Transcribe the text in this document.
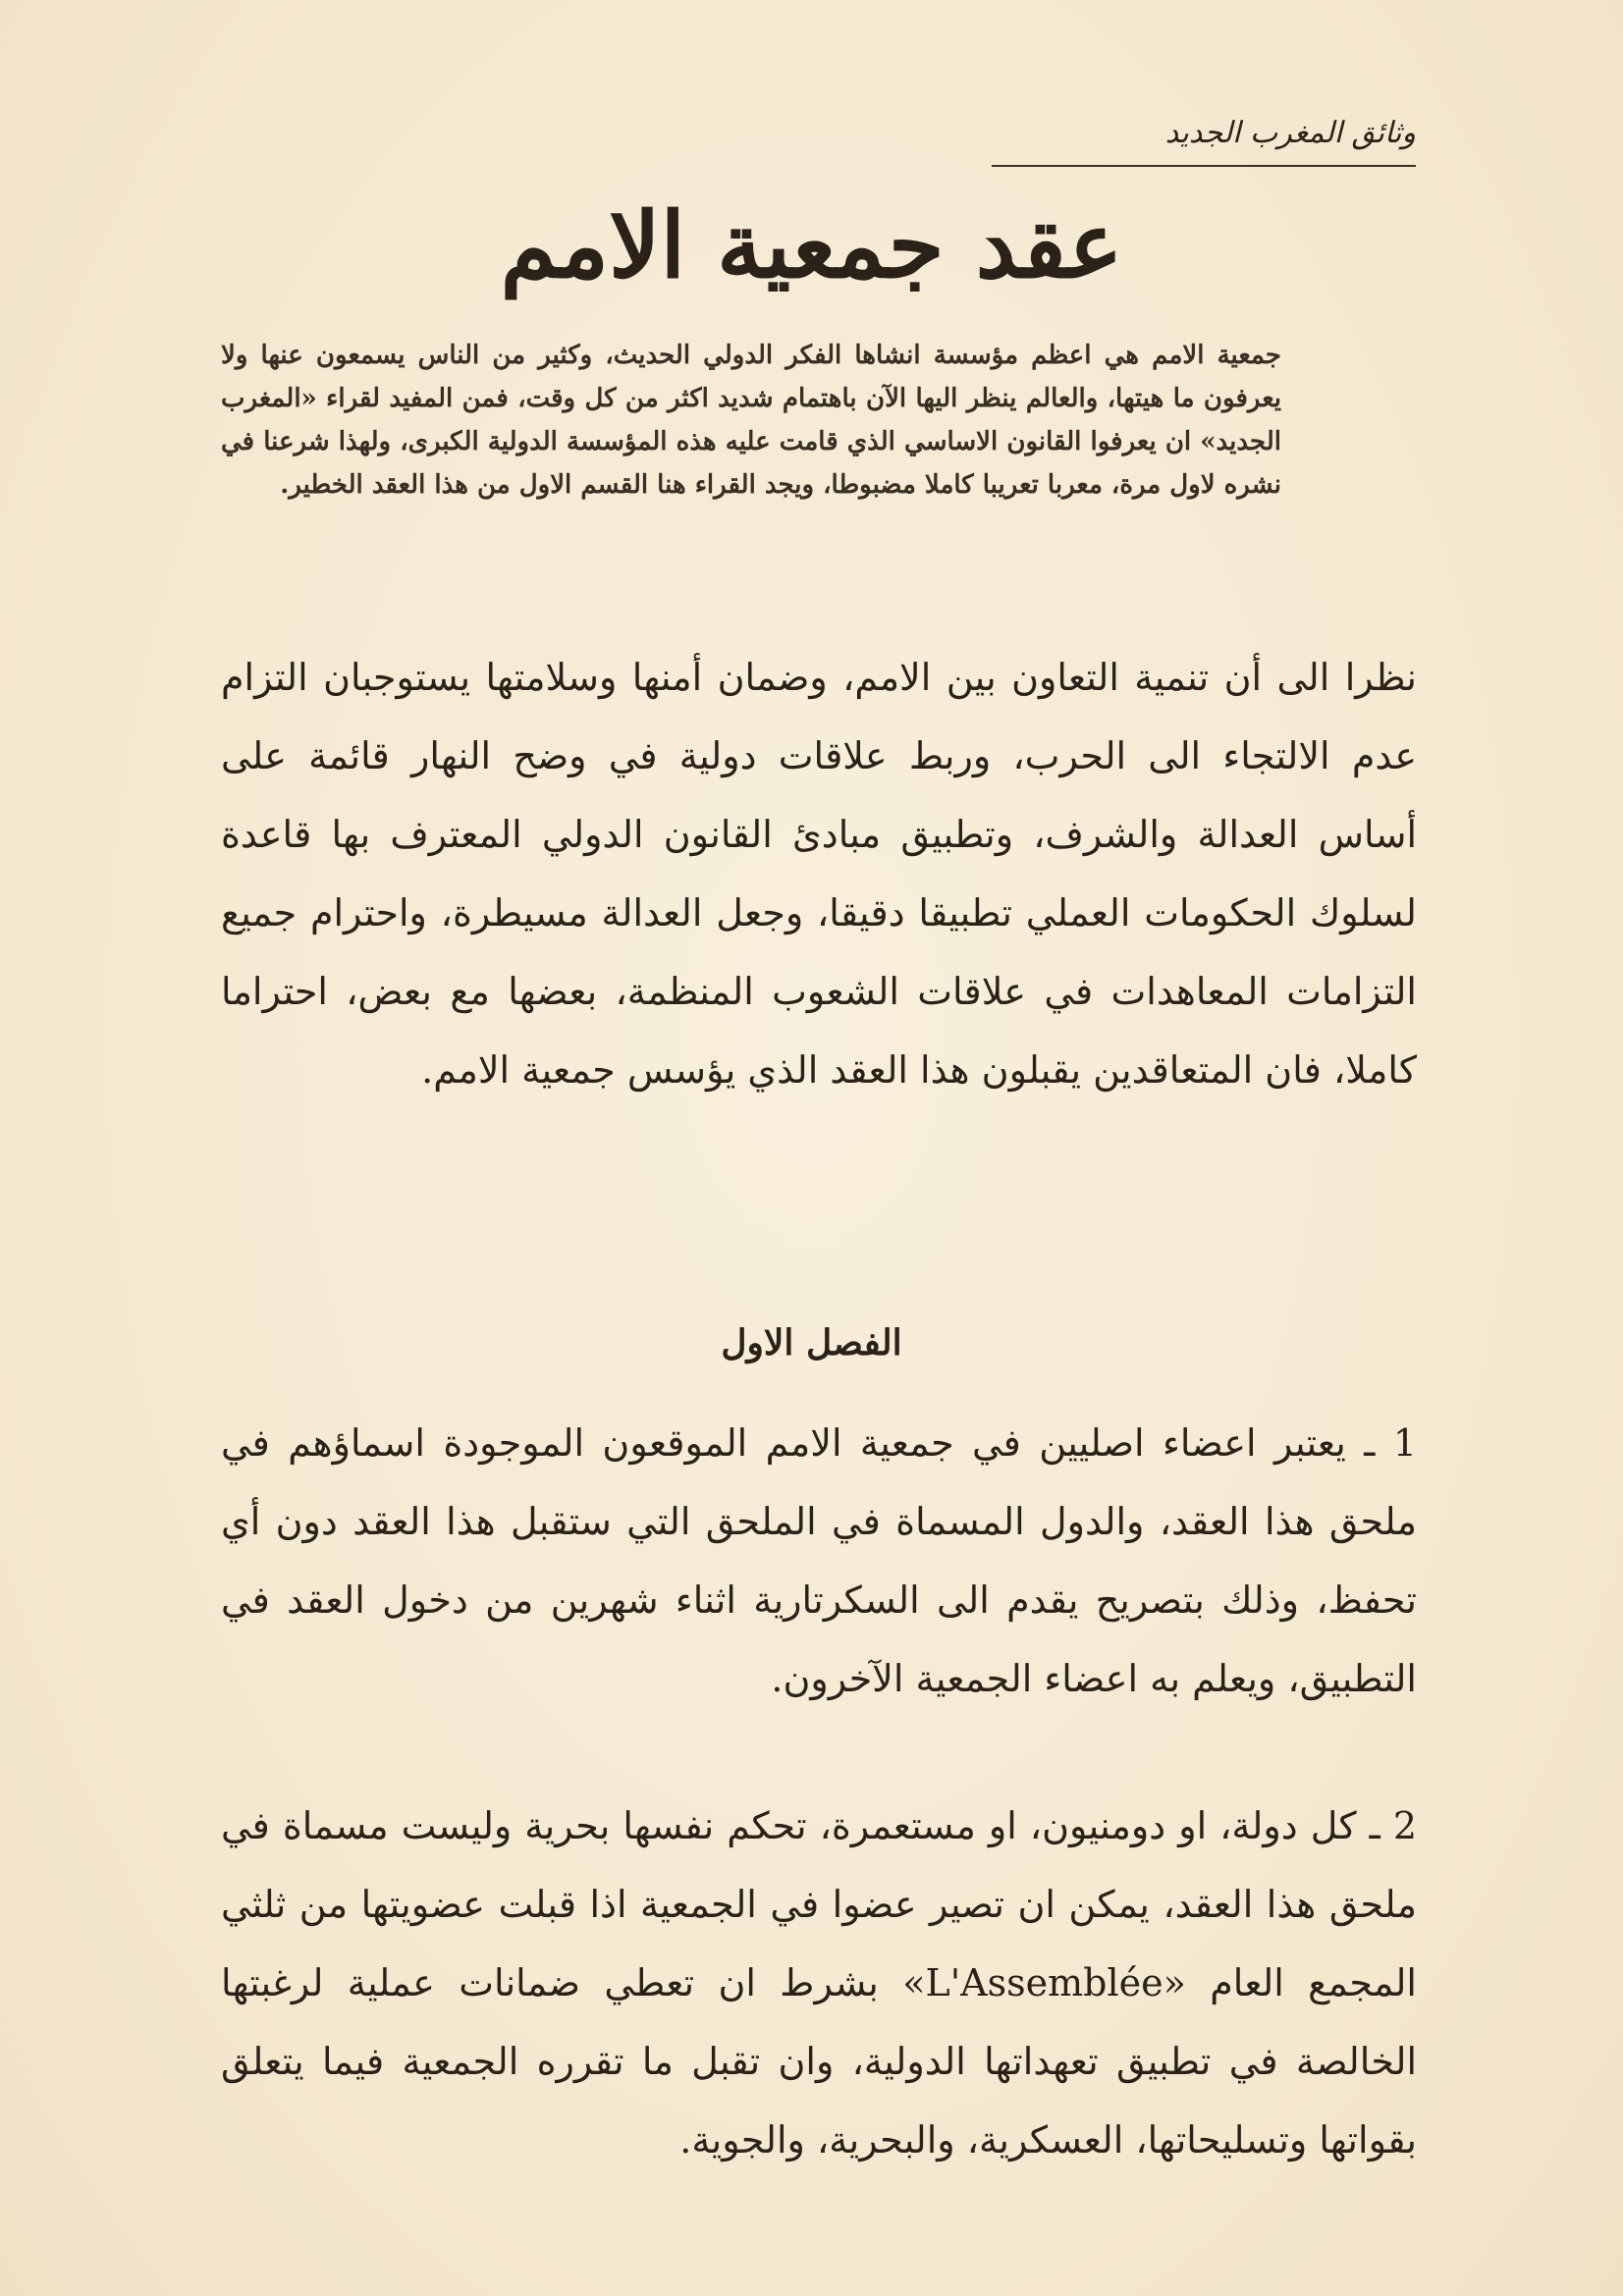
وثائق المغرب الجديد
عقد جمعية الامم
جمعية الامم هي اعظم مؤسسة انشاها الفكر الدولي الحديث، وكثير من الناس يسمعون عنها ولا يعرفون ما هيتها، والعالم ينظر اليها الآن باهتمام شديد اكثر من كل وقت، فمن المفيد لقراء «المغرب الجديد» ان يعرفوا القانون الاساسي الذي قامت عليه هذه المؤسسة الدولية الكبرى، ولهذا شرعنا في نشره لاول مرة، معربا تعريبا كاملا مضبوطا، ويجد القراء هنا القسم الاول من هذا العقد الخطير.
نظرا الى أن تنمية التعاون بين الامم، وضمان أمنها وسلامتها يستوجبان التزام عدم الالتجاء الى الحرب، وربط علاقات دولية في وضح النهار قائمة على أساس العدالة والشرف، وتطبيق مبادئ القانون الدولي المعترف بها قاعدة لسلوك الحكومات العملي تطبيقا دقيقا، وجعل العدالة مسيطرة، واحترام جميع التزامات المعاهدات في علاقات الشعوب المنظمة، بعضها مع بعض، احتراما كاملا، فان المتعاقدين يقبلون هذا العقد الذي يؤسس جمعية الامم.
الفصل الاول
1 ـ يعتبر اعضاء اصليين في جمعية الامم الموقعون الموجودة اسماؤهم في ملحق هذا العقد، والدول المسماة في الملحق التي ستقبل هذا العقد دون أي تحفظ، وذلك بتصريح يقدم الى السكرتارية اثناء شهرين من دخول العقد في التطبيق، ويعلم به اعضاء الجمعية الآخرون.
2 ـ كل دولة، او دومنيون، او مستعمرة، تحكم نفسها بحرية وليست مسماة في ملحق هذا العقد، يمكن ان تصير عضوا في الجمعية اذا قبلت عضويتها من ثلثي المجمع العام «L'Assemblée» بشرط ان تعطي ضمانات عملية لرغبتها الخالصة في تطبيق تعهداتها الدولية، وان تقبل ما تقرره الجمعية فيما يتعلق بقواتها وتسليحاتها، العسكرية، والبحرية، والجوية.
